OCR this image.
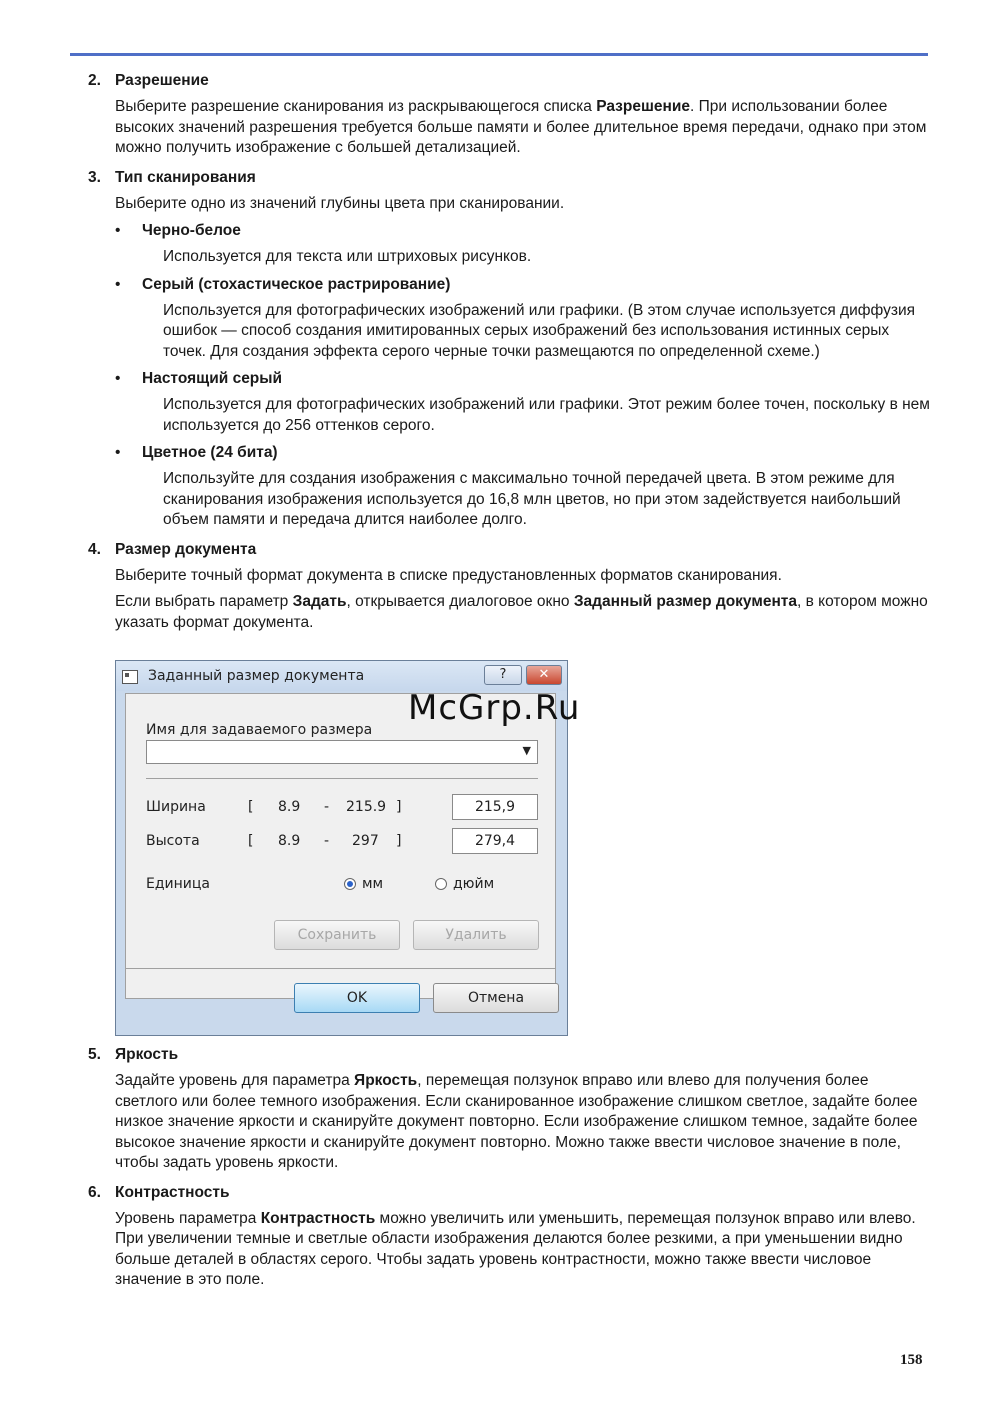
2. Разрешение

Выберите разрешение сканирования из раскрывающегося списка Разрешение. При использовании более высоких значений разрешения требуется больше памяти и более длительное время передачи, однако при этом можно получить изображение с большей детализацией.

3. Тип сканирования

Выберите одно из значений глубины цвета при сканировании.

•	Черно-белое

Используется для текста или штриховых рисунков.

•	Серый (стохастическое растрирование)

Используется для фотографических изображений или графики. (В этом случае используется диффузия ошибок — способ создания имитированных серых изображений без использования истинных серых точек. Для создания эффекта серого черные точки размещаются по определенной схеме.)

•	Настоящий серый

Используется для фотографических изображений или графики. Этот режим более точен, поскольку в нем используется до 256 оттенков серого.

•	Цветное (24 бита)

Используйте для создания изображения с максимально точной передачей цвета. В этом режиме для сканирования изображения используется до 16,8 млн цветов, но при этом задействуется наибольший объем памяти и передача длится наиболее долго.

4. Размер документа

Выберите точный формат документа в списке предустановленных форматов сканирования.

Если выбрать параметр Задать, открывается диалоговое окно Заданный размер документа, в котором можно указать формат документа.

Заданный размер документа	?	✕
Имя для задаваемого размера
▼
Ширина	[ 8.9 - 215.9 ]	215,9
Высота	[ 8.9 - 297 ]	279,4
Единица	мм	дюйм
Сохранить	Удалить
OK	Отмена
McGrp.Ru
5. Яркость

Задайте уровень для параметра Яркость, перемещая ползунок вправо или влево для получения более светлого или более темного изображения. Если сканированное изображение слишком светлое, задайте более низкое значение яркости и сканируйте документ повторно. Если изображение слишком темное, задайте более высокое значение яркости и сканируйте документ повторно. Можно также ввести числовое значение в поле, чтобы задать уровень яркости.

6. Контрастность

Уровень параметра Контрастность можно увеличить или уменьшить, перемещая ползунок вправо или влево. При увеличении темные и светлые области изображения делаются более резкими, а при уменьшении видно больше деталей в областях серого. Чтобы задать уровень контрастности, можно также ввести числовое значение в это поле.

158
